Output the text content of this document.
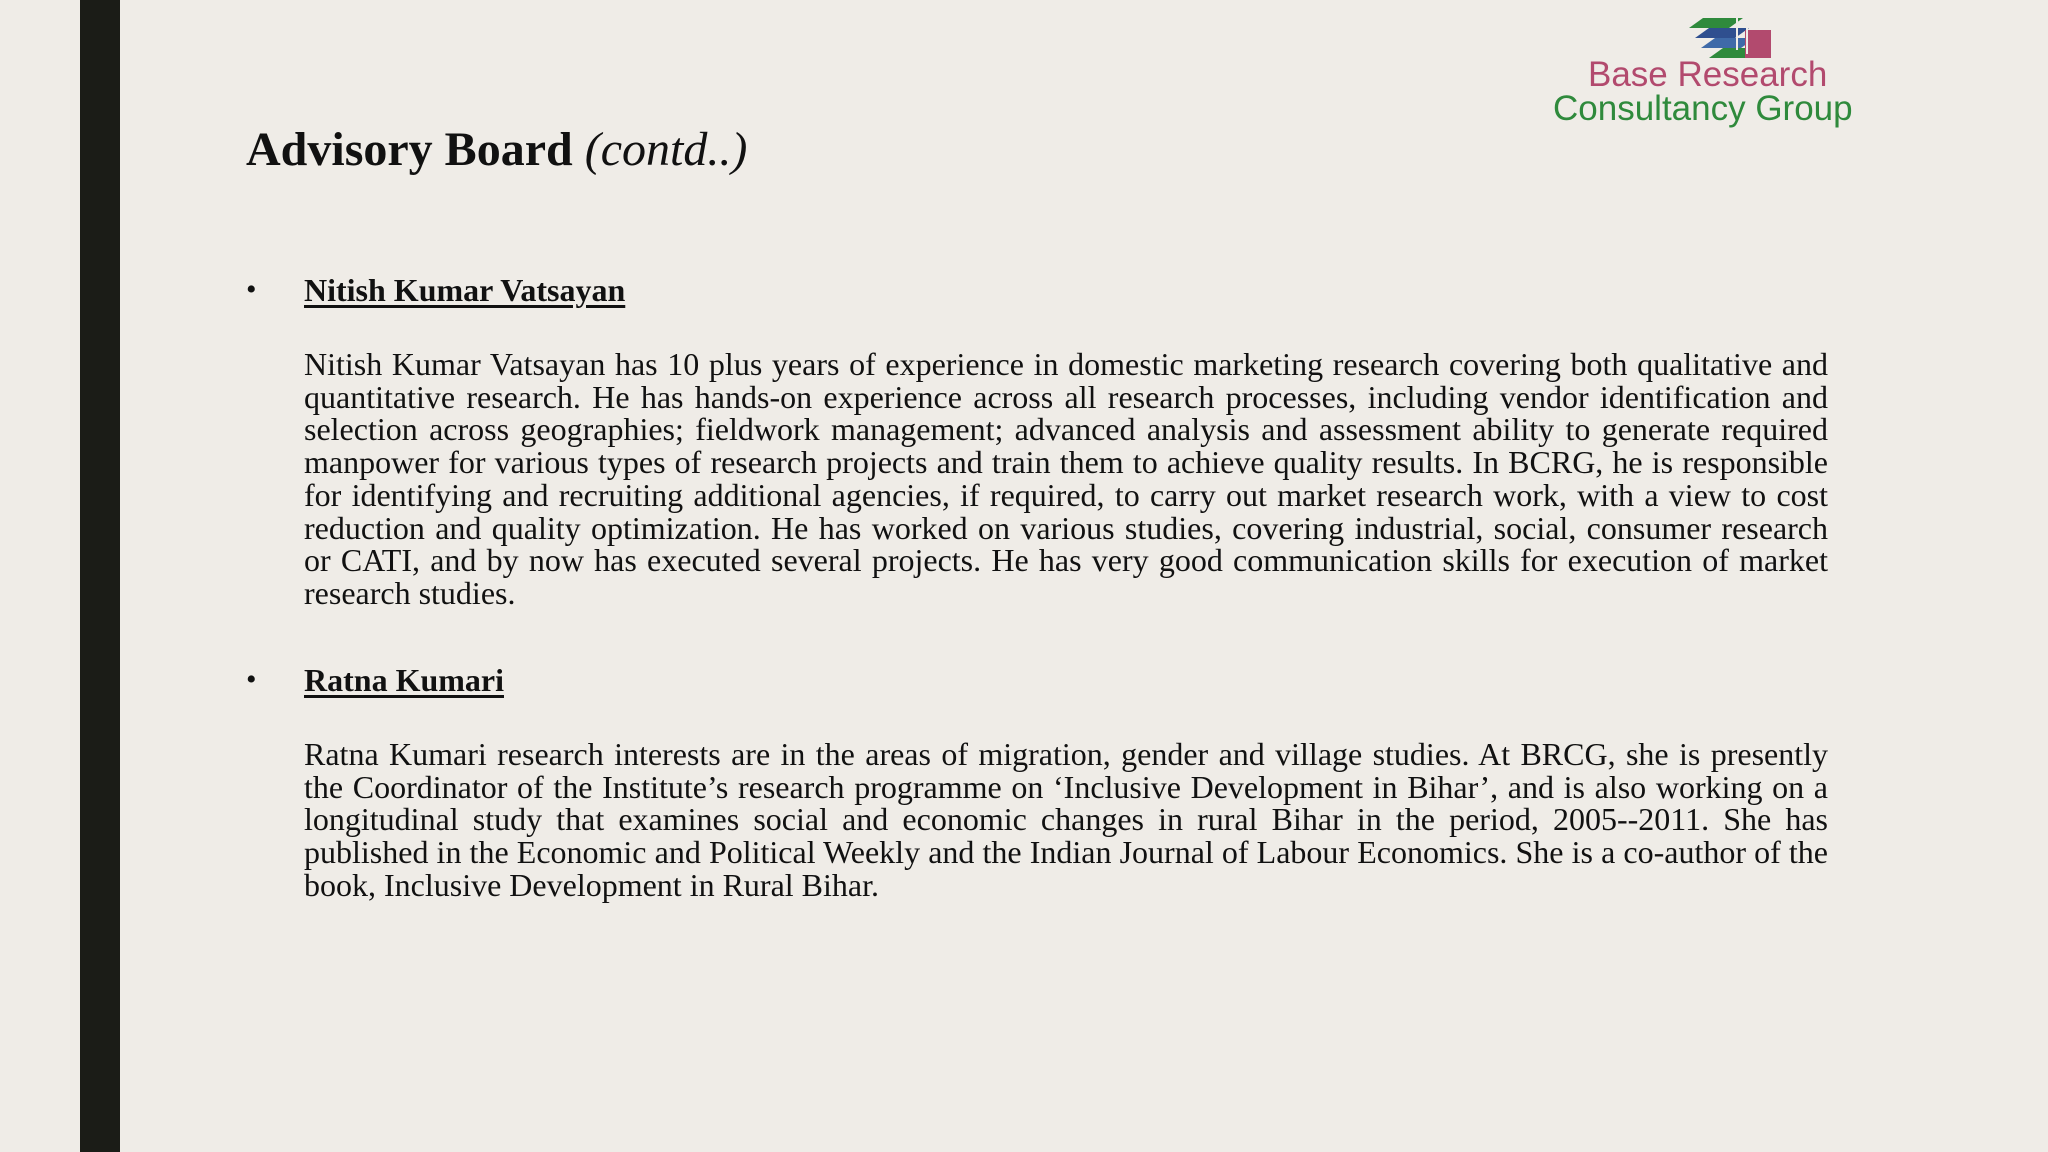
Base Research
Consultancy Group
Advisory Board (contd..)
• Nitish Kumar Vatsayan

Nitish Kumar Vatsayan has 10 plus years of experience in domestic marketing research covering both qualitative and quantitative research. He has hands-on experience across all research processes, including vendor identification and selection across geographies; fieldwork management; advanced analysis and assessment ability to generate required manpower for various types of research projects and train them to achieve quality results. In BCRG, he is responsible for identifying and recruiting additional agencies, if required, to carry out market research work, with a view to cost reduction and quality optimization. He has worked on various studies, covering industrial, social, consumer research or CATI, and by now has executed several projects. He has very good communication skills for execution of market research studies.

• Ratna Kumari

Ratna Kumari research interests are in the areas of migration, gender and village studies. At BRCG, she is presently the Coordinator of the Institute’s research programme on ‘Inclusive Development in Bihar’, and is also working on a longitudinal study that examines social and economic changes in rural Bihar in the period, 2005--2011. She has published in the Economic and Political Weekly and the Indian Journal of Labour Economics. She is a co-author of the book, Inclusive Development in Rural Bihar.
